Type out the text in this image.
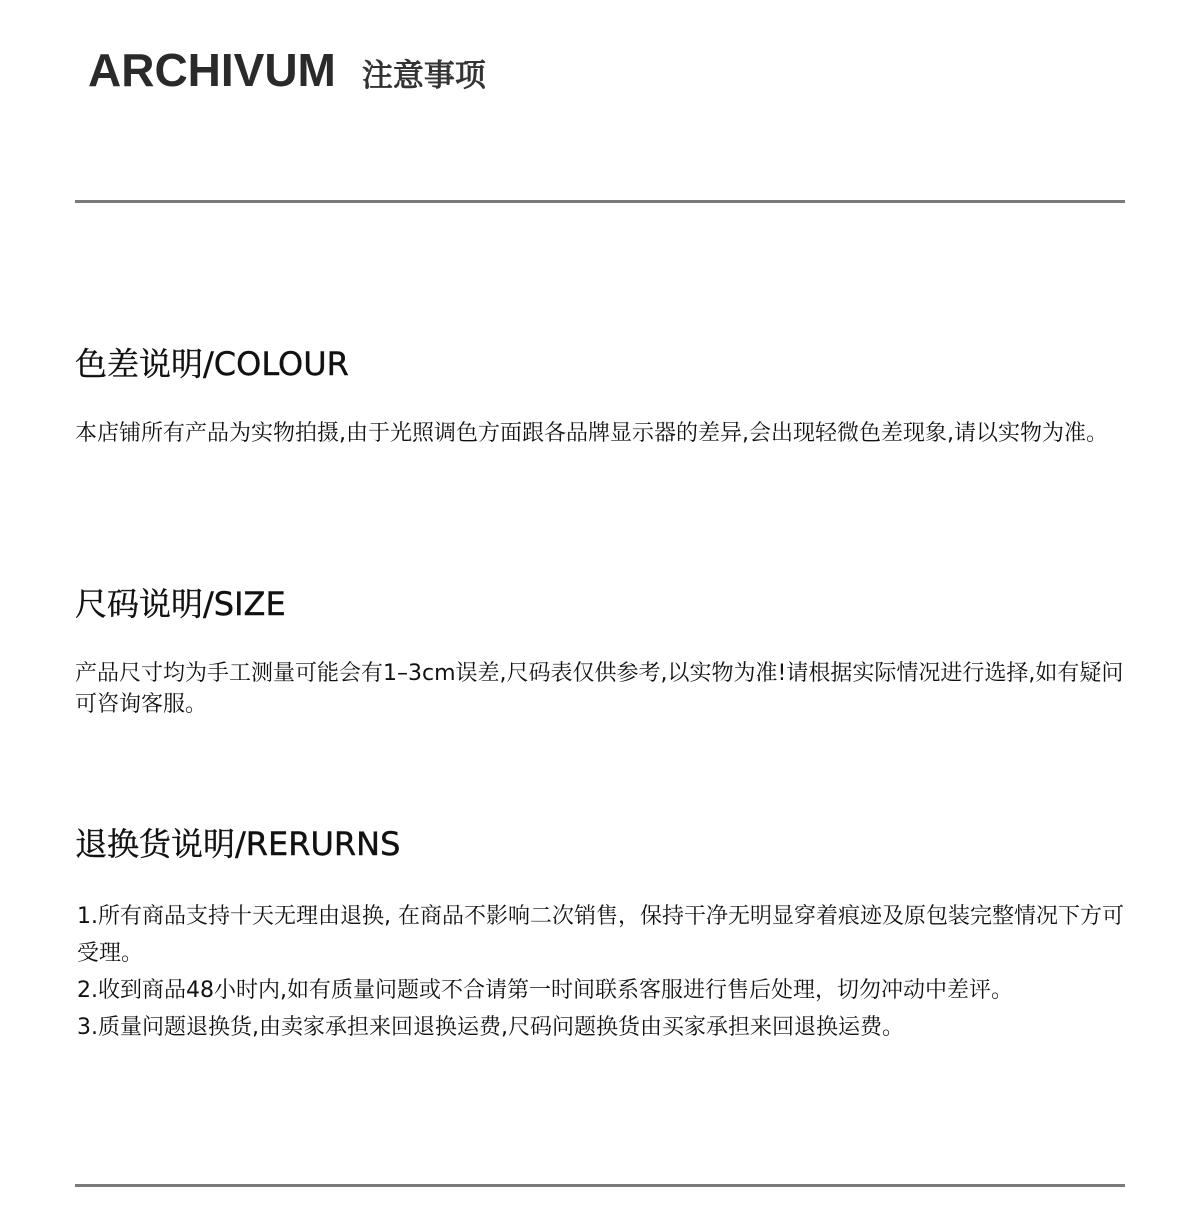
ARCHIVUM 注意事项
色差说明/COLOUR
本店铺所有产品为实物拍摄,由于光照调色方面跟各品牌显示器的差异,会出现轻微色差现象,请以实物为准。
尺码说明/SIZE
产品尺寸均为手工测量可能会有1–3cm误差,尺码表仅供参考,以实物为准!请根据实际情况进行选择,如有疑问可咨询客服。
退换货说明/RERURNS
1.所有商品支持十天无理由退换, 在商品不影响二次销售，保持干净无明显穿着痕迹及原包装完整情况下方可受理。
2.收到商品48小时内,如有质量问题或不合请第一时间联系客服进行售后处理，切勿冲动中差评。
3.质量问题退换货,由卖家承担来回退换运费,尺码问题换货由买家承担来回退换运费。
